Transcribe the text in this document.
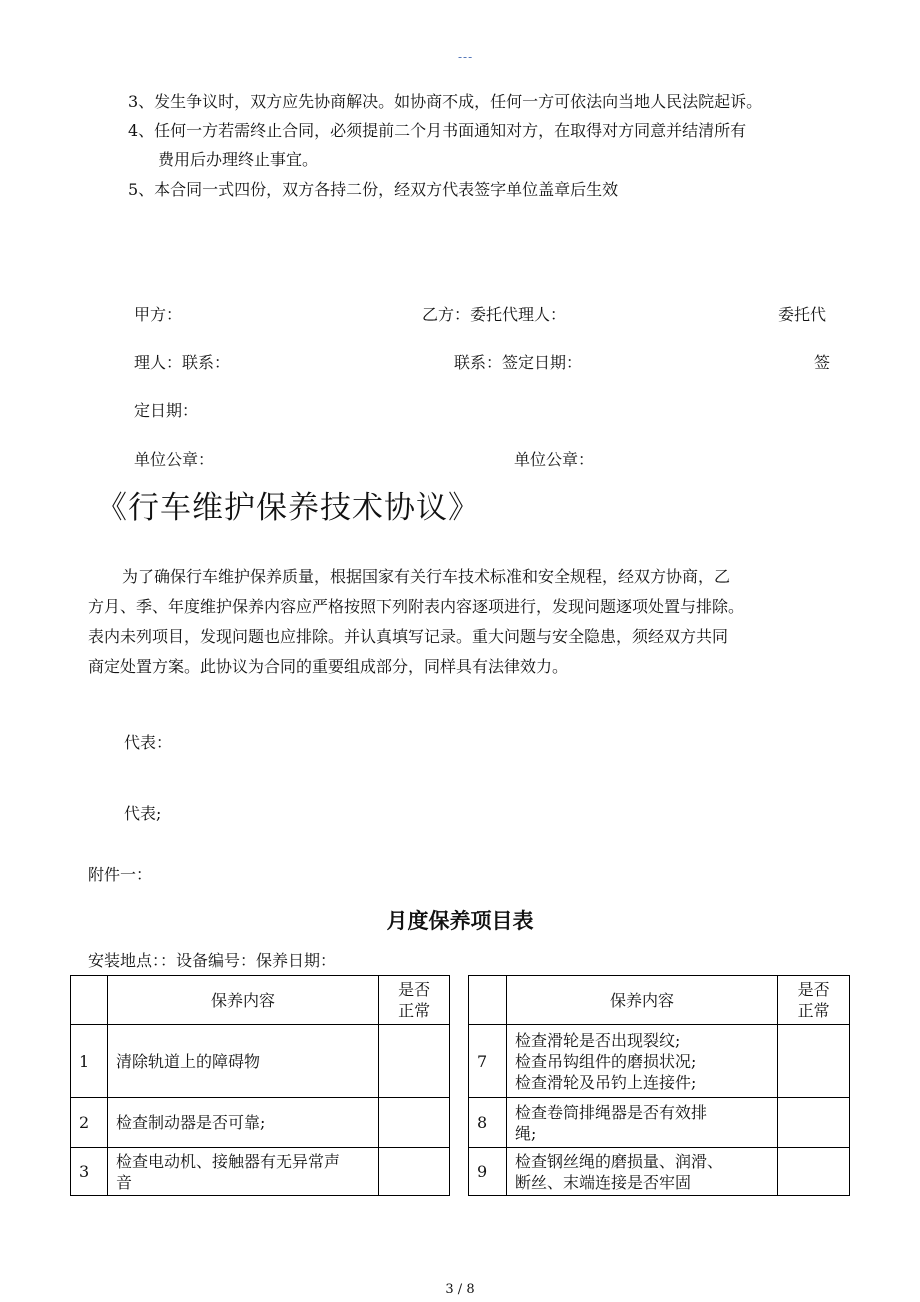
---
3、发生争议时，双方应先协商解决。如协商不成，任何一方可依法向当地人民法院起诉。
4、任何一方若需终止合同，必须提前二个月书面通知对方，在取得对方同意并结清所有
费用后办理终止事宜。
5、本合同一式四份，双方各持二份，经双方代表签字单位盖章后生效
甲方：	乙方：委托代理人：	委托代
理人：联系：	联系：签定日期：	签
定日期：
单位公章：	单位公章：
《行车维护保养技术协议》
为了确保行车维护保养质量，根据国家有关行车技术标准和安全规程，经双方协商，乙
方月、季、年度维护保养内容应严格按照下列附表内容逐项进行，发现问题逐项处置与排除。
表内未列项目，发现问题也应排除。并认真填写记录。重大问题与安全隐患，须经双方共同
商定处置方案。此协议为合同的重要组成部分，同样具有法律效力。
代表：
代表;
附件一：
月度保养项目表
安装地点：：设备编号：保养日期：
	保养内容	是否
正常
1	清除轨道上的障碍物	
2	检查制动器是否可靠;	
3	检查电动机、接触器有无异常声
音	
	保养内容	是否
正常
7	检查滑轮是否出现裂纹;
检查吊钩组件的磨损状况;
检查滑轮及吊钓上连接件;	
8	检查卷筒排绳器是否有效排
绳;	
9	检查钢丝绳的磨损量、润滑、
断丝、末端连接是否牢固	
3 / 8
